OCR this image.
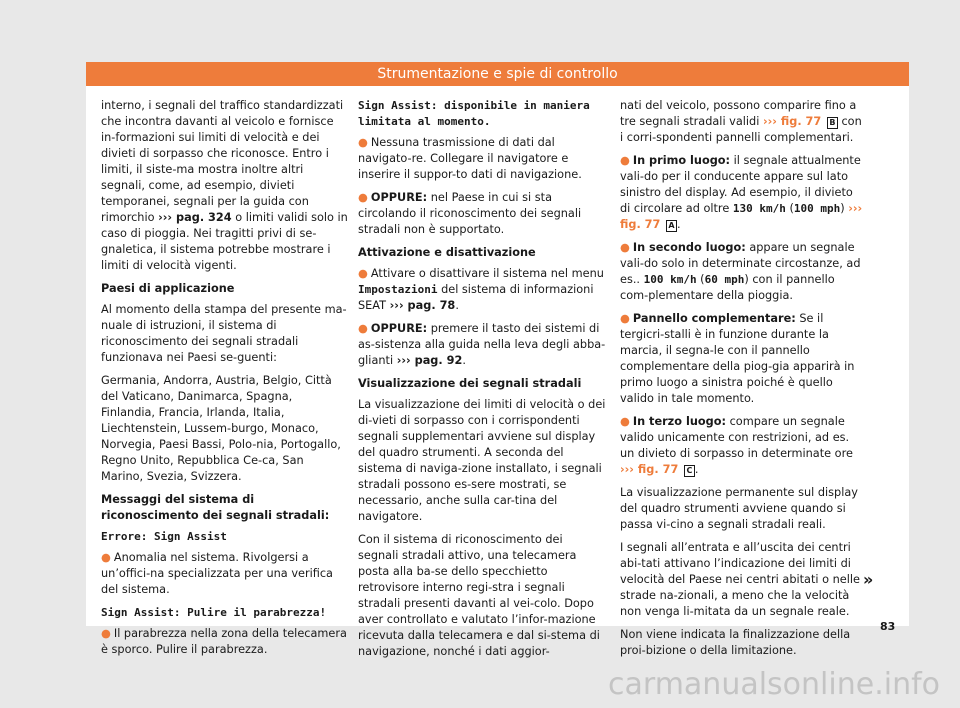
Strumentazione e spie di controllo

interno, i segnali del traffico standardizzati che incontra davanti al veicolo e fornisce in-formazioni sui limiti di velocità e dei divieti di sorpasso che riconosce. Entro i limiti, il siste-ma mostra inoltre altri segnali, come, ad esempio, divieti temporanei, segnali per la guida con rimorchio ››› pag. 324 o limiti validi solo in caso di pioggia. Nei tragitti privi di se-gnaletica, il sistema potrebbe mostrare i limiti di velocità vigenti.

Paesi di applicazione

Al momento della stampa del presente ma-nuale di istruzioni, il sistema di riconoscimento dei segnali stradali funzionava nei Paesi se-guenti:

Germania, Andorra, Austria, Belgio, Città del Vaticano, Danimarca, Spagna, Finlandia, Francia, Irlanda, Italia, Liechtenstein, Lussem-burgo, Monaco, Norvegia, Paesi Bassi, Polo-nia, Portogallo, Regno Unito, Repubblica Ce-ca, San Marino, Svezia, Svizzera.

Messaggi del sistema di riconoscimento dei segnali stradali:
Errore: Sign Assist

● Anomalia nel sistema. Rivolgersi a un’offici-na specializzata per una verifica del sistema.

Sign Assist: Pulire il parabrezza!

● Il parabrezza nella zona della telecamera è sporco. Pulire il parabrezza.

Sign Assist: disponibile in maniera limitata al momento.

● Nessuna trasmissione di dati dal navigato-re. Collegare il navigatore e inserire il suppor-to dati di navigazione.

● OPPURE: nel Paese in cui si sta circolando il riconoscimento dei segnali stradali non è supportato.

Attivazione e disattivazione

● Attivare o disattivare il sistema nel menu Impostazioni del sistema di informazioni SEAT ››› pag. 78.

● OPPURE: premere il tasto dei sistemi di as-sistenza alla guida nella leva degli abba-glianti ››› pag. 92.

Visualizzazione dei segnali stradali

La visualizzazione dei limiti di velocità o dei di-vieti di sorpasso con i corrispondenti segnali supplementari avviene sul display del quadro strumenti. A seconda del sistema di naviga-zione installato, i segnali stradali possono es-sere mostrati, se necessario, anche sulla car-tina del navigatore.

Con il sistema di riconoscimento dei segnali stradali attivo, una telecamera posta alla ba-se dello specchietto retrovisore interno regi-stra i segnali stradali presenti davanti al vei-colo. Dopo aver controllato e valutato l’infor-mazione ricevuta dalla telecamera e dal si-stema di navigazione, nonché i dati aggior-

nati del veicolo, possono comparire fino a tre segnali stradali validi ››› fig. 77 B con i corri-spondenti pannelli complementari.

● In primo luogo: il segnale attualmente vali-do per il conducente appare sul lato sinistro del display. Ad esempio, il divieto di circolare ad oltre 130 km/h (100 mph) ››› fig. 77 A .

● In secondo luogo: appare un segnale vali-do solo in determinate circostanze, ad es.. 100 km/h (60 mph) con il pannello com-plementare della pioggia.

● Pannello complementare: Se il tergicri-stalli è in funzione durante la marcia, il segna-le con il pannello complementare della piog-gia apparirà in primo luogo a sinistra poiché è quello valido in tale momento.

● In terzo luogo: compare un segnale valido unicamente con restrizioni, ad es. un divieto di sorpasso in determinate ore ››› fig. 77 C .

La visualizzazione permanente sul display del quadro strumenti avviene quando si passa vi-cino a segnali stradali reali.

I segnali all’entrata e all’uscita dei centri abi-tati attivano l’indicazione dei limiti di velocità del Paese nei centri abitati o nelle strade na-zionali, a meno che la velocità non venga li-mitata da un segnale reale.

Non viene indicata la finalizzazione della proi-bizione o della limitazione.

»
83
carmanualsonline.info
